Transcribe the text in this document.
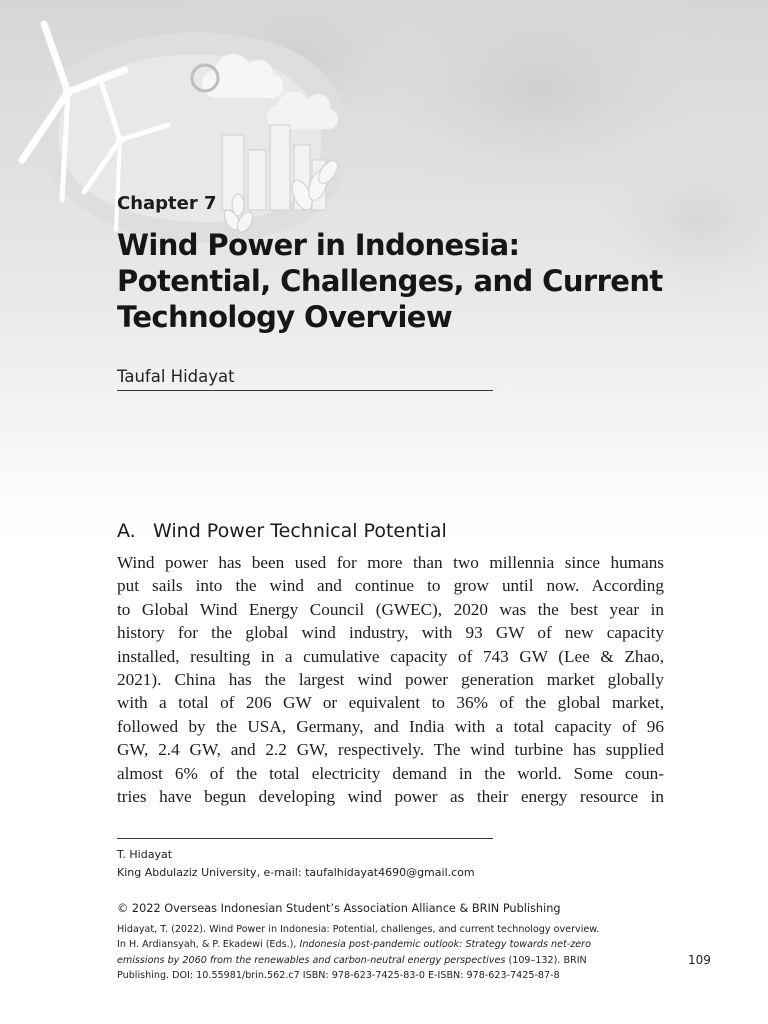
Chapter 7
Wind Power in Indonesia:
Potential, Challenges, and Current
Technology Overview
Taufal Hidayat
A. Wind Power Technical Potential
Wind power has been used for more than two millennia since humans
put sails into the wind and continue to grow until now. According
to Global Wind Energy Council (GWEC), 2020 was the best year in
history for the global wind industry, with 93 GW of new capacity
installed, resulting in a cumulative capacity of 743 GW (Lee & Zhao,
2021). China has the largest wind power generation market globally
with a total of 206 GW or equivalent to 36% of the global market,
followed by the USA, Germany, and India with a total capacity of 96
GW, 2.4 GW, and 2.2 GW, respectively. The wind turbine has supplied
almost 6% of the total electricity demand in the world. Some coun-
tries have begun developing wind power as their energy resource in
T. Hidayat
King Abdulaziz University, e-mail: taufalhidayat4690@gmail.com
© 2022 Overseas Indonesian Student’s Association Alliance & BRIN Publishing
Hidayat, T. (2022). Wind Power in Indonesia: Potential, challenges, and current technology overview.
In H. Ardiansyah, & P. Ekadewi (Eds.), Indonesia post-pandemic outlook: Strategy towards net-zero
emissions by 2060 from the renewables and carbon-neutral energy perspectives (109–132). BRIN
Publishing. DOI: 10.55981/brin.562.c7 ISBN: 978-623-7425-83-0 E-ISBN: 978-623-7425-87-8
109
